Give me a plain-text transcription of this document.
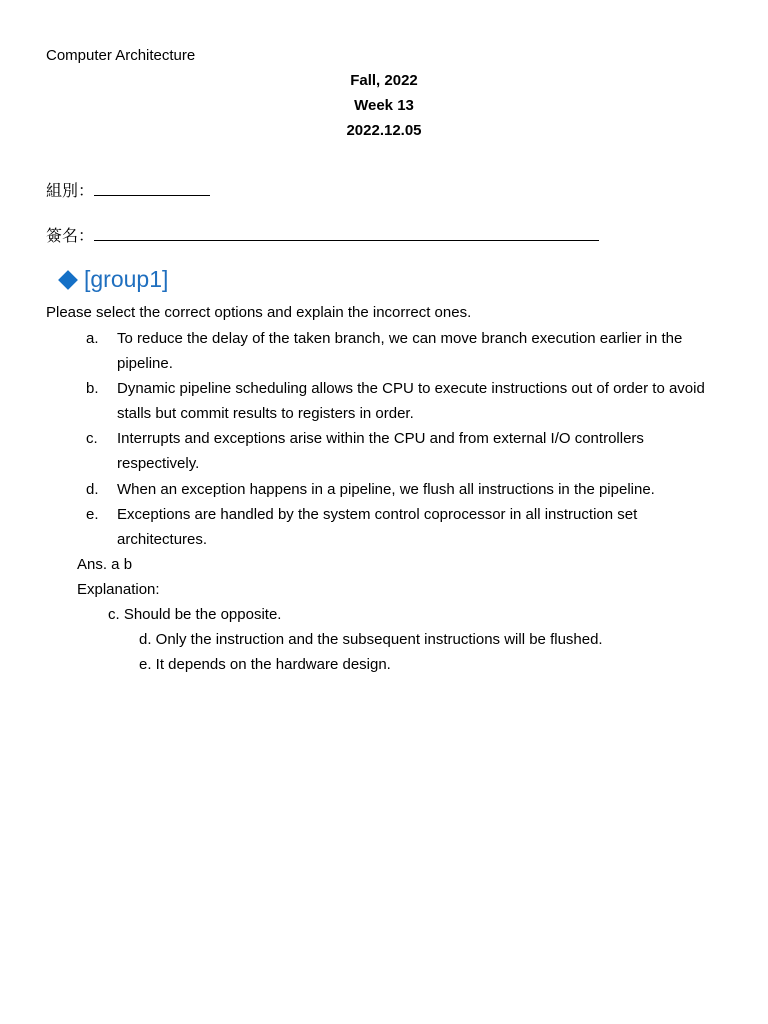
Computer Architecture
Fall, 2022
Week 13
2022.12.05
組別：
簽名：
[group1]
Please select the correct options and explain the incorrect ones.
a.	To reduce the delay of the taken branch, we can move branch execution earlier in the pipeline.
b.	Dynamic pipeline scheduling allows the CPU to execute instructions out of order to avoid stalls but commit results to registers in order.
c.	Interrupts and exceptions arise within the CPU and from external I/O controllers respectively.
d.	When an exception happens in a pipeline, we flush all instructions in the pipeline.
e.	Exceptions are handled by the system control coprocessor in all instruction set architectures.
Ans. a b
Explanation:
c. Should be the opposite.
d. Only the instruction and the subsequent instructions will be flushed.
e. It depends on the hardware design.
